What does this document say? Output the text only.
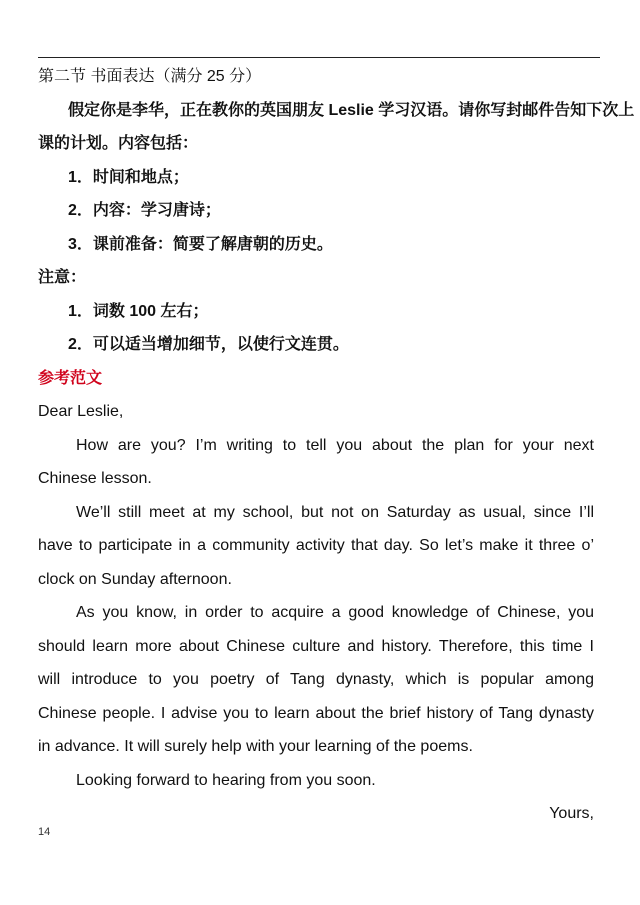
第二节 书面表达（满分 25 分）
假定你是李华，正在教你的英国朋友 Leslie 学习汉语。请你写封邮件告知下次上
课的计划。内容包括：
1．时间和地点；
2．内容：学习唐诗；
3．课前准备：简要了解唐朝的历史。
注意：
1．词数 100 左右；
2．可以适当增加细节，以使行文连贯。
参考范文
Dear Leslie,
How are you? I’m writing to tell you about the plan for your next
Chinese lesson.
We’ll still meet at my school, but not on Saturday as usual, since I’ll
have to participate in a community activity that day. So let’s make it three o’
clock on Sunday afternoon.
As you know, in order to acquire a good knowledge of Chinese, you
should learn more about Chinese culture and history. Therefore, this time I
will introduce to you poetry of Tang dynasty, which is popular among
Chinese people. I advise you to learn about the brief history of Tang dynasty
in advance. It will surely help with your learning of the poems.
Looking forward to hearing from you soon.
Yours,
14
